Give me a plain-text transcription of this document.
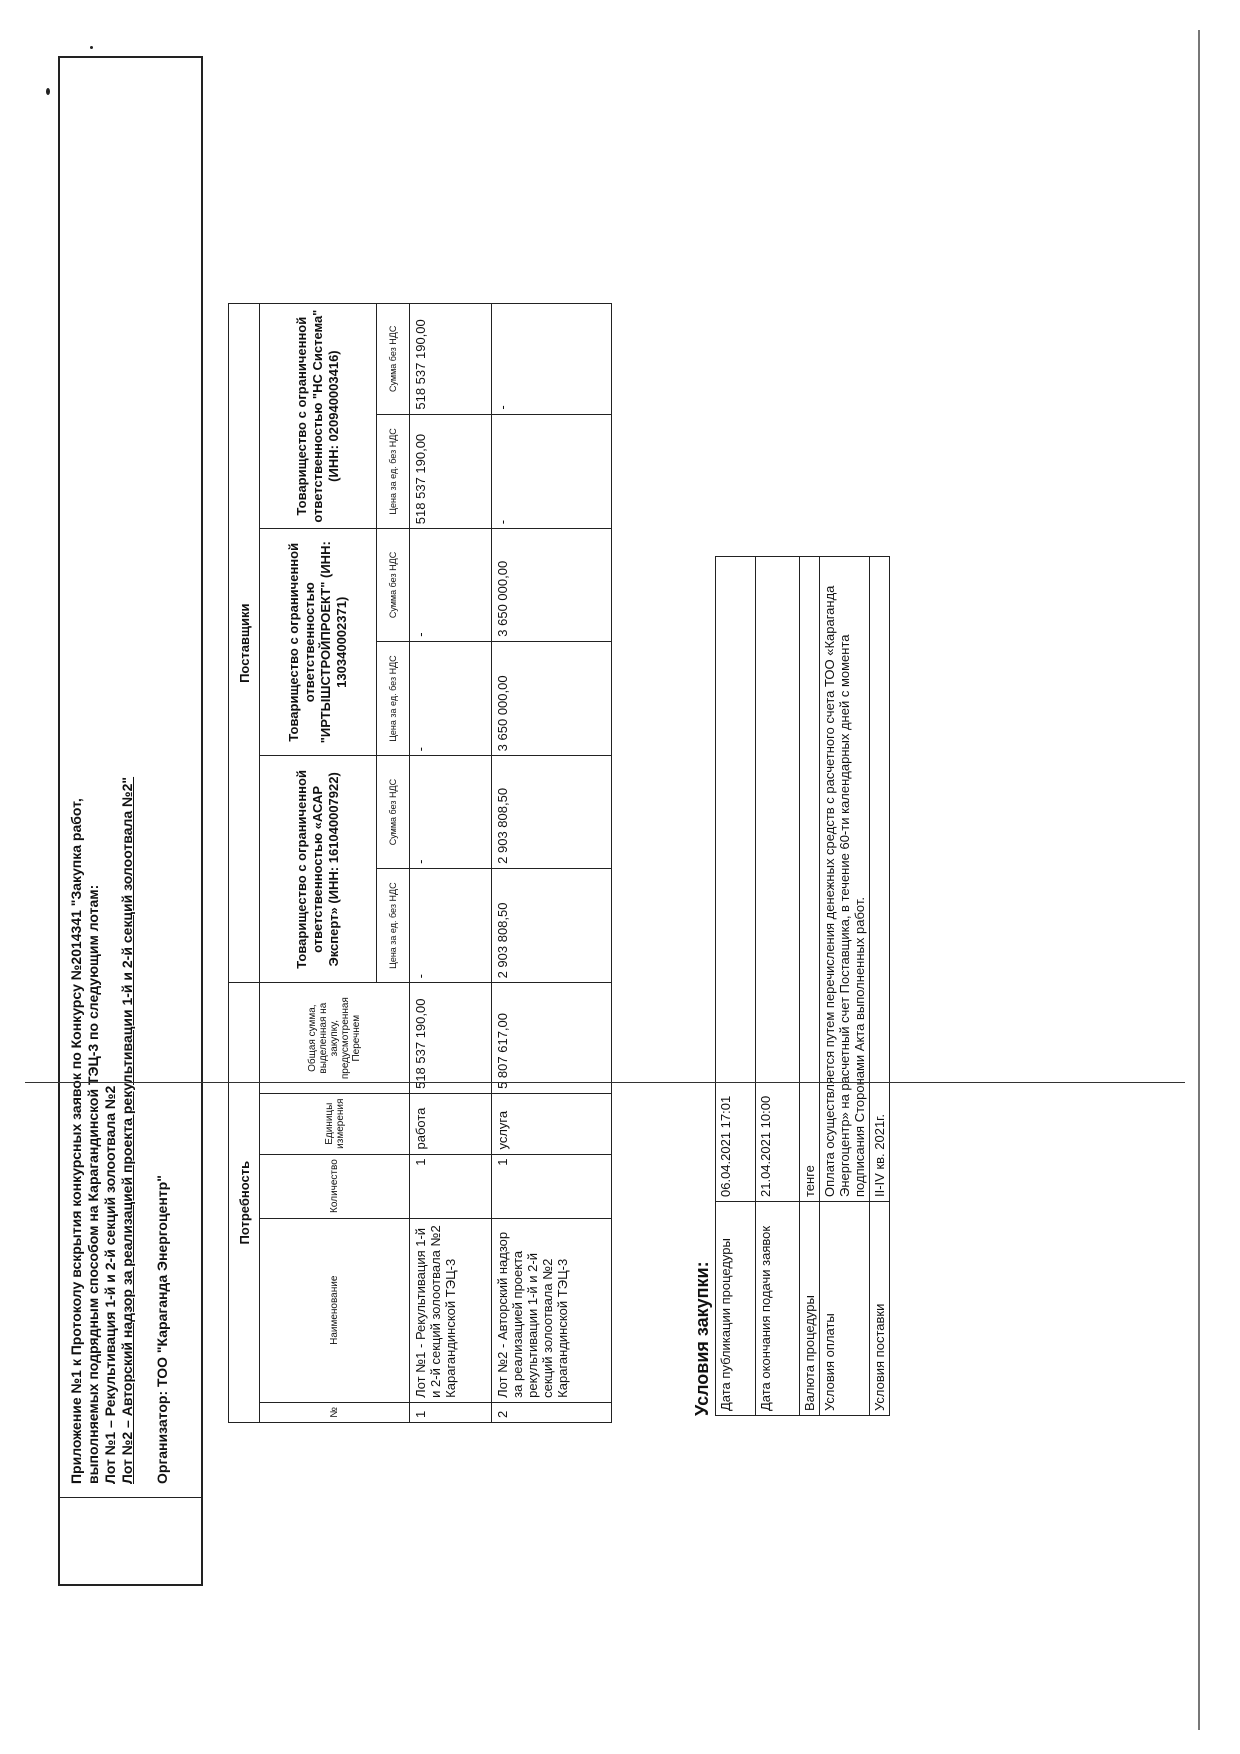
Приложение №1 к Протоколу вскрытия конкурсных заявок по Конкурсу №2014341 "Закупка работ, выполняемых подрядным способом на Карагандинской ТЭЦ-3 по следующим лотам: Лот №1 – Рекультивация 1-й и 2-й секций золоотвала №2 Лот №2 – Авторский надзор за реализацией проекта рекультивации 1-й и 2-й секций золоотвала №2" Организатор: ТОО "Караганда Энергоцентр"	Потребность					Поставщики					
№	Наименование	Количество	Единицы измерения	Общая сумма, выделенная на закупку, предусмотренная Перечнем	Товарищество с ограниченной ответственностью «АСАР Эксперт» (ИНН: 161040007922)		Товарищество с ограниченной ответственностью "ИРТЫШСТРОЙПРОЕКТ" (ИНН: 130340002371)		Товарищество с ограниченной ответственностью "НС Система" (ИНН: 020940003416)	
					Цена за ед. без НДС	Сумма без НДС	Цена за ед. без НДС	Сумма без НДС	Цена за ед. без НДС	Сумма без НДС
1	Лот №1 - Рекультивация 1-й и 2-й секций золоотвала №2 Карагандинской ТЭЦ-3	1	работа	518 537 190,00	-	-	-	-	518 537 190,00	518 537 190,00
2	Лот №2 - Авторский надзор за реализацией проекта рекультивации 1-й и 2-й секций золоотвала №2 Карагандинской ТЭЦ-3	1	услуга	5 807 617,00	2 903 808,50	2 903 808,50	3 650 000,00	3 650 000,00	-	-
Условия закупки: Дата публикации процедуры	06.04.2021 17:01
Дата окончания подачи заявок	21.04.2021 10:00
Валюта процедуры	тенге
Условия оплаты	Оплата осуществляется путем перечисления денежных средств с расчетного счета ТОО «Караганда Энергоцентр» на расчетный счет Поставщика, в течение 60-ти календарных дней с момента подписания Сторонами Акта выполненных работ.
Условия поставки	II-IV кв. 2021г.
